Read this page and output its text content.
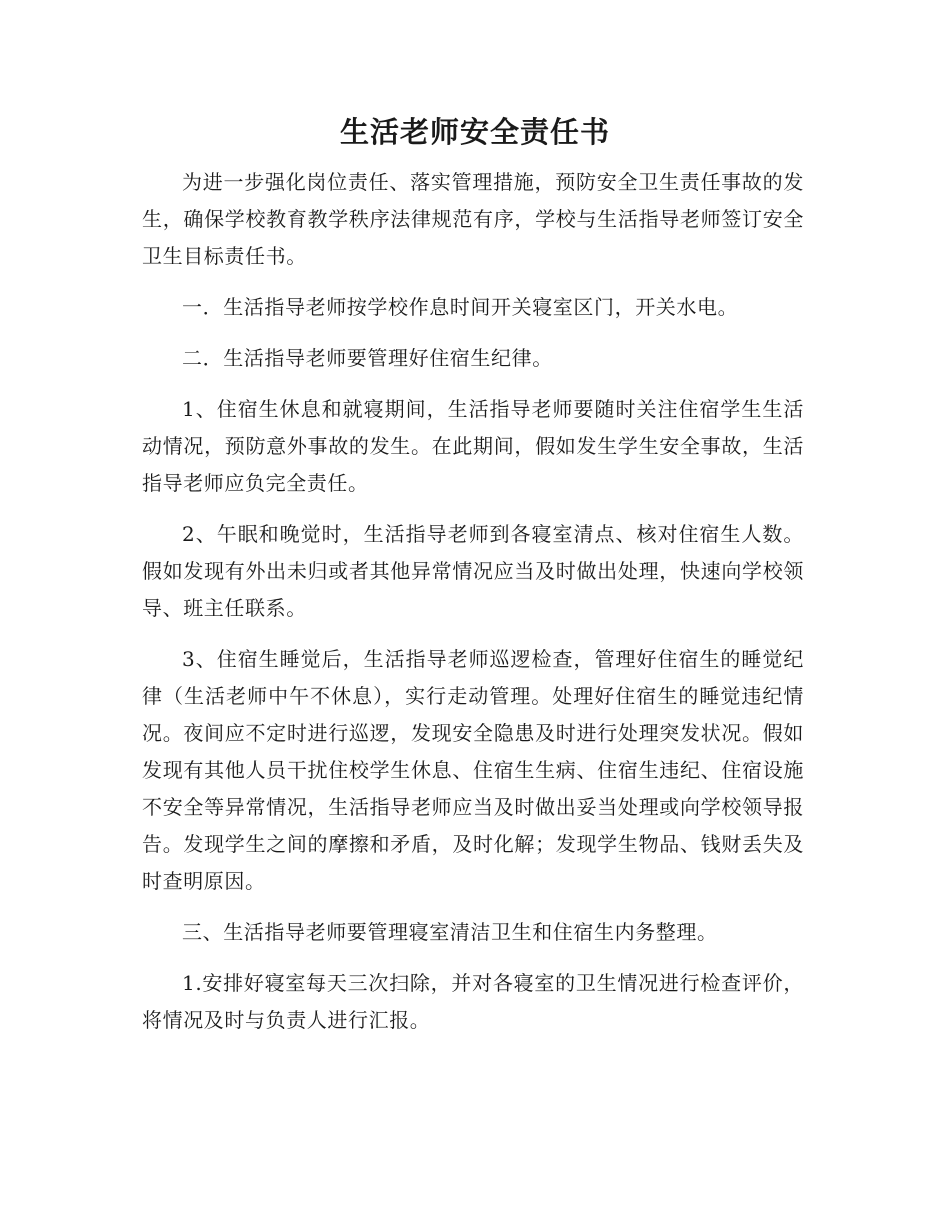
生活老师安全责任书

为进一步强化岗位责任、落实管理措施，预防安全卫生责任事故的发生，确保学校教育教学秩序法律规范有序，学校与生活指导老师签订安全卫生目标责任书。

一．生活指导老师按学校作息时间开关寝室区门，开关水电。

二．生活指导老师要管理好住宿生纪律。

1、住宿生休息和就寝期间，生活指导老师要随时关注住宿学生生活动情况，预防意外事故的发生。在此期间，假如发生学生安全事故，生活指导老师应负完全责任。

2、午眠和晚觉时，生活指导老师到各寝室清点、核对住宿生人数。假如发现有外出未归或者其他异常情况应当及时做出处理，快速向学校领导、班主任联系。

3、住宿生睡觉后，生活指导老师巡逻检查，管理好住宿生的睡觉纪律（生活老师中午不休息），实行走动管理。处理好住宿生的睡觉违纪情况。夜间应不定时进行巡逻，发现安全隐患及时进行处理突发状况。假如发现有其他人员干扰住校学生休息、住宿生生病、住宿生违纪、住宿设施不安全等异常情况，生活指导老师应当及时做出妥当处理或向学校领导报告。发现学生之间的摩擦和矛盾，及时化解；发现学生物品、钱财丢失及时查明原因。

三、生活指导老师要管理寝室清洁卫生和住宿生内务整理。

1.安排好寝室每天三次扫除，并对各寝室的卫生情况进行检查评价，将情况及时与负责人进行汇报。
